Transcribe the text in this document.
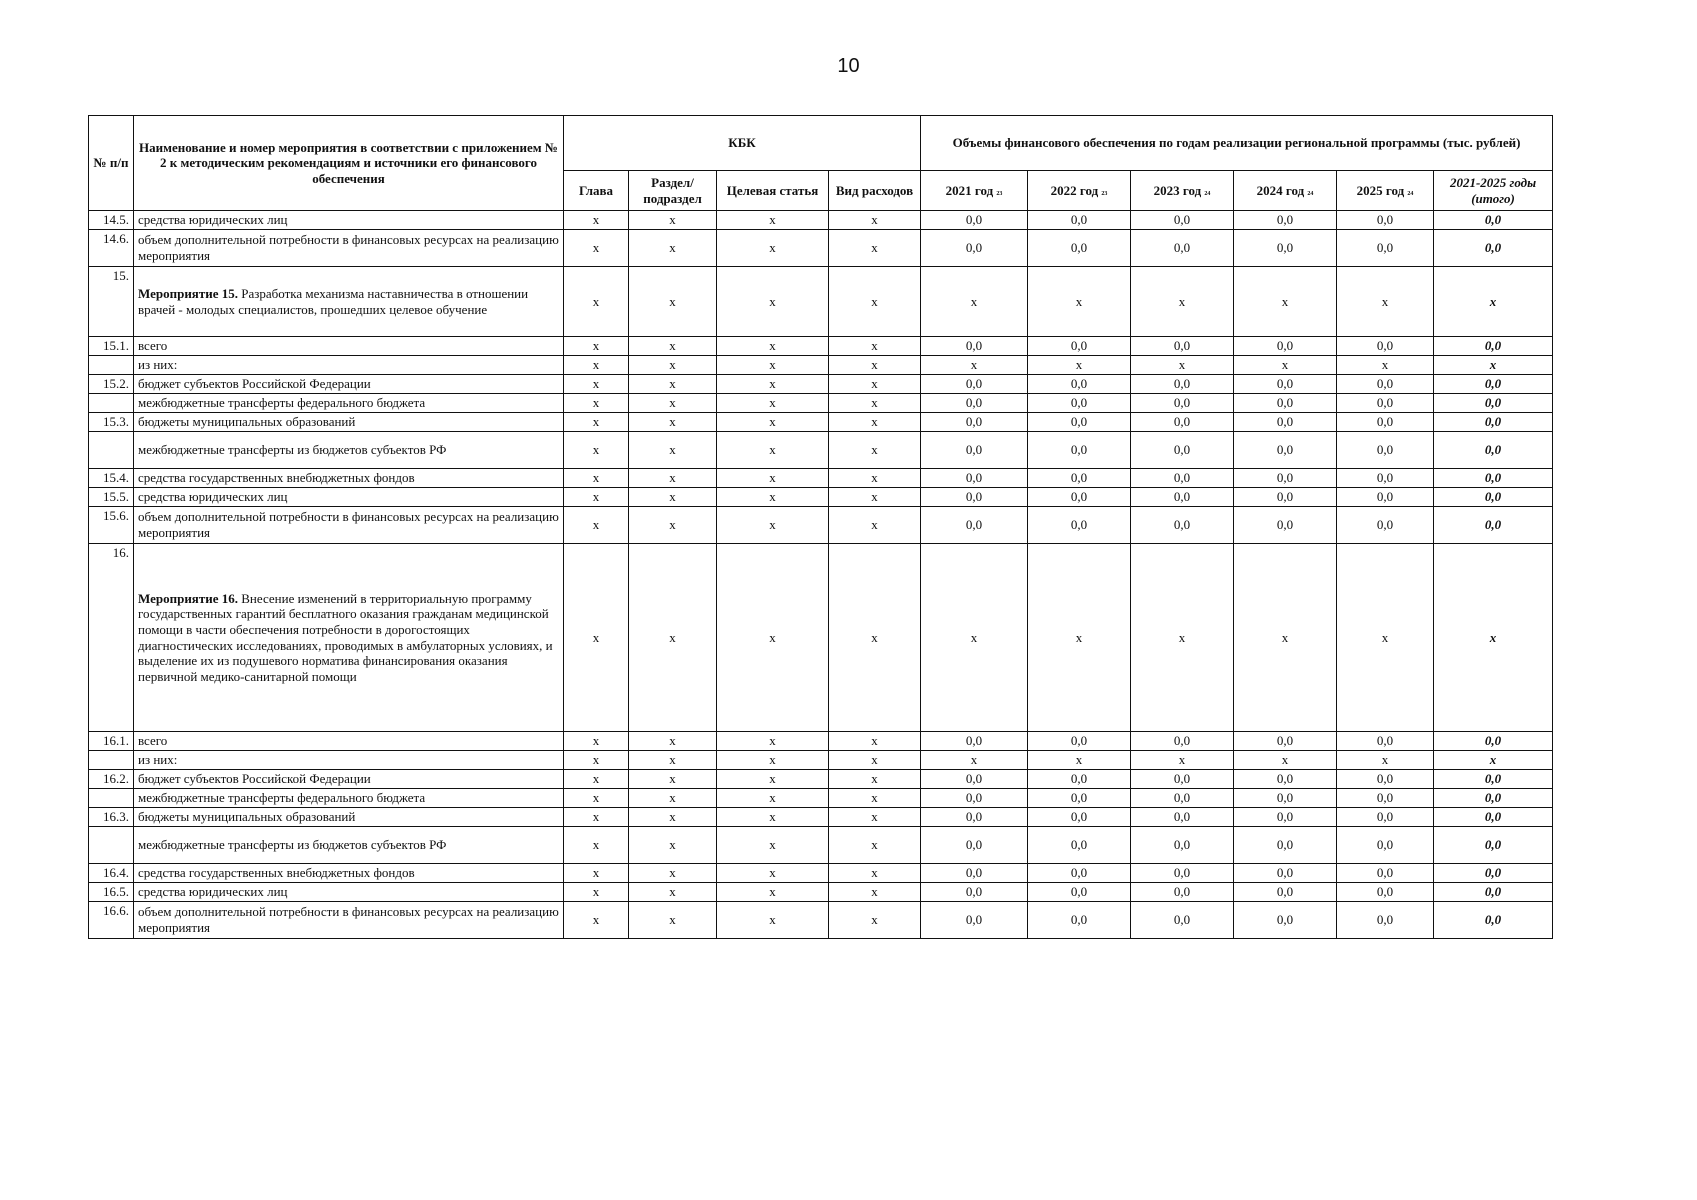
10
№ п/п	Наименование и номер мероприятия в соответствии с приложением № 2 к методическим рекомендациям и источники его финансового обеспечения	КБК				Объемы финансового обеспечения по годам реализации региональной программы (тыс. рублей)					
		Глава	Раздел/ подраздел	Целевая статья	Вид расходов	2021 год 23	2022 год 23	2023 год 24	2024 год 24	2025 год 24	2021-2025 годы (итого)
14.5.	средства юридических лиц	x	x	x	x	0,0	0,0	0,0	0,0	0,0	0,0
14.6.	объем дополнительной потребности в финансовых ресурсах на реализацию мероприятия	x	x	x	x	0,0	0,0	0,0	0,0	0,0	0,0
15.	Мероприятие 15. Разработка механизма наставничества в отношении врачей - молодых специалистов, прошедших целевое обучение	x	x	x	x	x	x	x	x	x	x
15.1.	всего	x	x	x	x	0,0	0,0	0,0	0,0	0,0	0,0
	из них:	x	x	x	x	x	x	x	x	x	x
15.2.	бюджет субъектов Российской Федерации	x	x	x	x	0,0	0,0	0,0	0,0	0,0	0,0
	межбюджетные трансферты федерального бюджета	x	x	x	x	0,0	0,0	0,0	0,0	0,0	0,0
15.3.	бюджеты муниципальных образований	x	x	x	x	0,0	0,0	0,0	0,0	0,0	0,0
	межбюджетные трансферты из бюджетов субъектов РФ	x	x	x	x	0,0	0,0	0,0	0,0	0,0	0,0
15.4.	средства государственных внебюджетных фондов	x	x	x	x	0,0	0,0	0,0	0,0	0,0	0,0
15.5.	средства юридических лиц	x	x	x	x	0,0	0,0	0,0	0,0	0,0	0,0
15.6.	объем дополнительной потребности в финансовых ресурсах на реализацию мероприятия	x	x	x	x	0,0	0,0	0,0	0,0	0,0	0,0
16.	Мероприятие 16. Внесение изменений в территориальную программу государственных гарантий бесплатного оказания гражданам медицинской помощи в части обеспечения потребности в дорогостоящих диагностических исследованиях, проводимых в амбулаторных условиях, и выделение их из подушевого норматива финансирования оказания первичной медико-санитарной помощи	x	x	x	x	x	x	x	x	x	x
16.1.	всего	x	x	x	x	0,0	0,0	0,0	0,0	0,0	0,0
	из них:	x	x	x	x	x	x	x	x	x	x
16.2.	бюджет субъектов Российской Федерации	x	x	x	x	0,0	0,0	0,0	0,0	0,0	0,0
	межбюджетные трансферты федерального бюджета	x	x	x	x	0,0	0,0	0,0	0,0	0,0	0,0
16.3.	бюджеты муниципальных образований	x	x	x	x	0,0	0,0	0,0	0,0	0,0	0,0
	межбюджетные трансферты из бюджетов субъектов РФ	x	x	x	x	0,0	0,0	0,0	0,0	0,0	0,0
16.4.	средства государственных внебюджетных фондов	x	x	x	x	0,0	0,0	0,0	0,0	0,0	0,0
16.5.	средства юридических лиц	x	x	x	x	0,0	0,0	0,0	0,0	0,0	0,0
16.6.	объем дополнительной потребности в финансовых ресурсах на реализацию мероприятия	x	x	x	x	0,0	0,0	0,0	0,0	0,0	0,0
